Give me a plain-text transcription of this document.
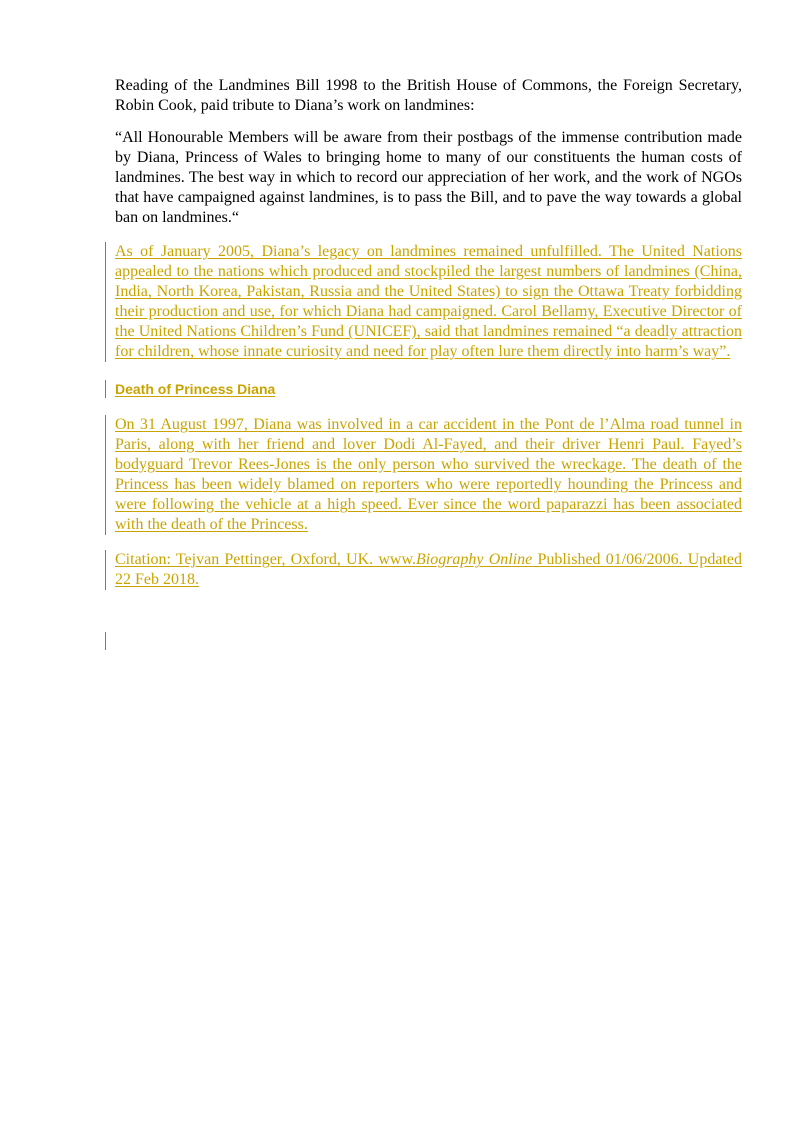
Reading of the Landmines Bill 1998 to the British House of Commons, the Foreign Secretary, Robin Cook, paid tribute to Diana’s work on landmines:

“All Honourable Members will be aware from their postbags of the immense contribution made by Diana, Princess of Wales to bringing home to many of our constituents the human costs of landmines. The best way in which to record our appreciation of her work, and the work of NGOs that have campaigned against landmines, is to pass the Bill, and to pave the way towards a global ban on landmines.“

As of January 2005, Diana’s legacy on landmines remained unfulfilled. The United Nations appealed to the nations which produced and stockpiled the largest numbers of landmines (China, India, North Korea, Pakistan, Russia and the United States) to sign the Ottawa Treaty forbidding their production and use, for which Diana had campaigned. Carol Bellamy, Executive Director of the United Nations Children’s Fund (UNICEF), said that landmines remained “a deadly attraction for children, whose innate curiosity and need for play often lure them directly into harm’s way”.

Death of Princess Diana

On 31 August 1997, Diana was involved in a car accident in the Pont de l’Alma road tunnel in Paris, along with her friend and lover Dodi Al-Fayed, and their driver Henri Paul. Fayed’s bodyguard Trevor Rees-Jones is the only person who survived the wreckage. The death of the Princess has been widely blamed on reporters who were reportedly hounding the Princess and were following the vehicle at a high speed. Ever since the word paparazzi has been associated with the death of the Princess.

Citation: Tejvan Pettinger, Oxford, UK. www.Biography Online Published 01/06/2006. Updated 22 Feb 2018.
